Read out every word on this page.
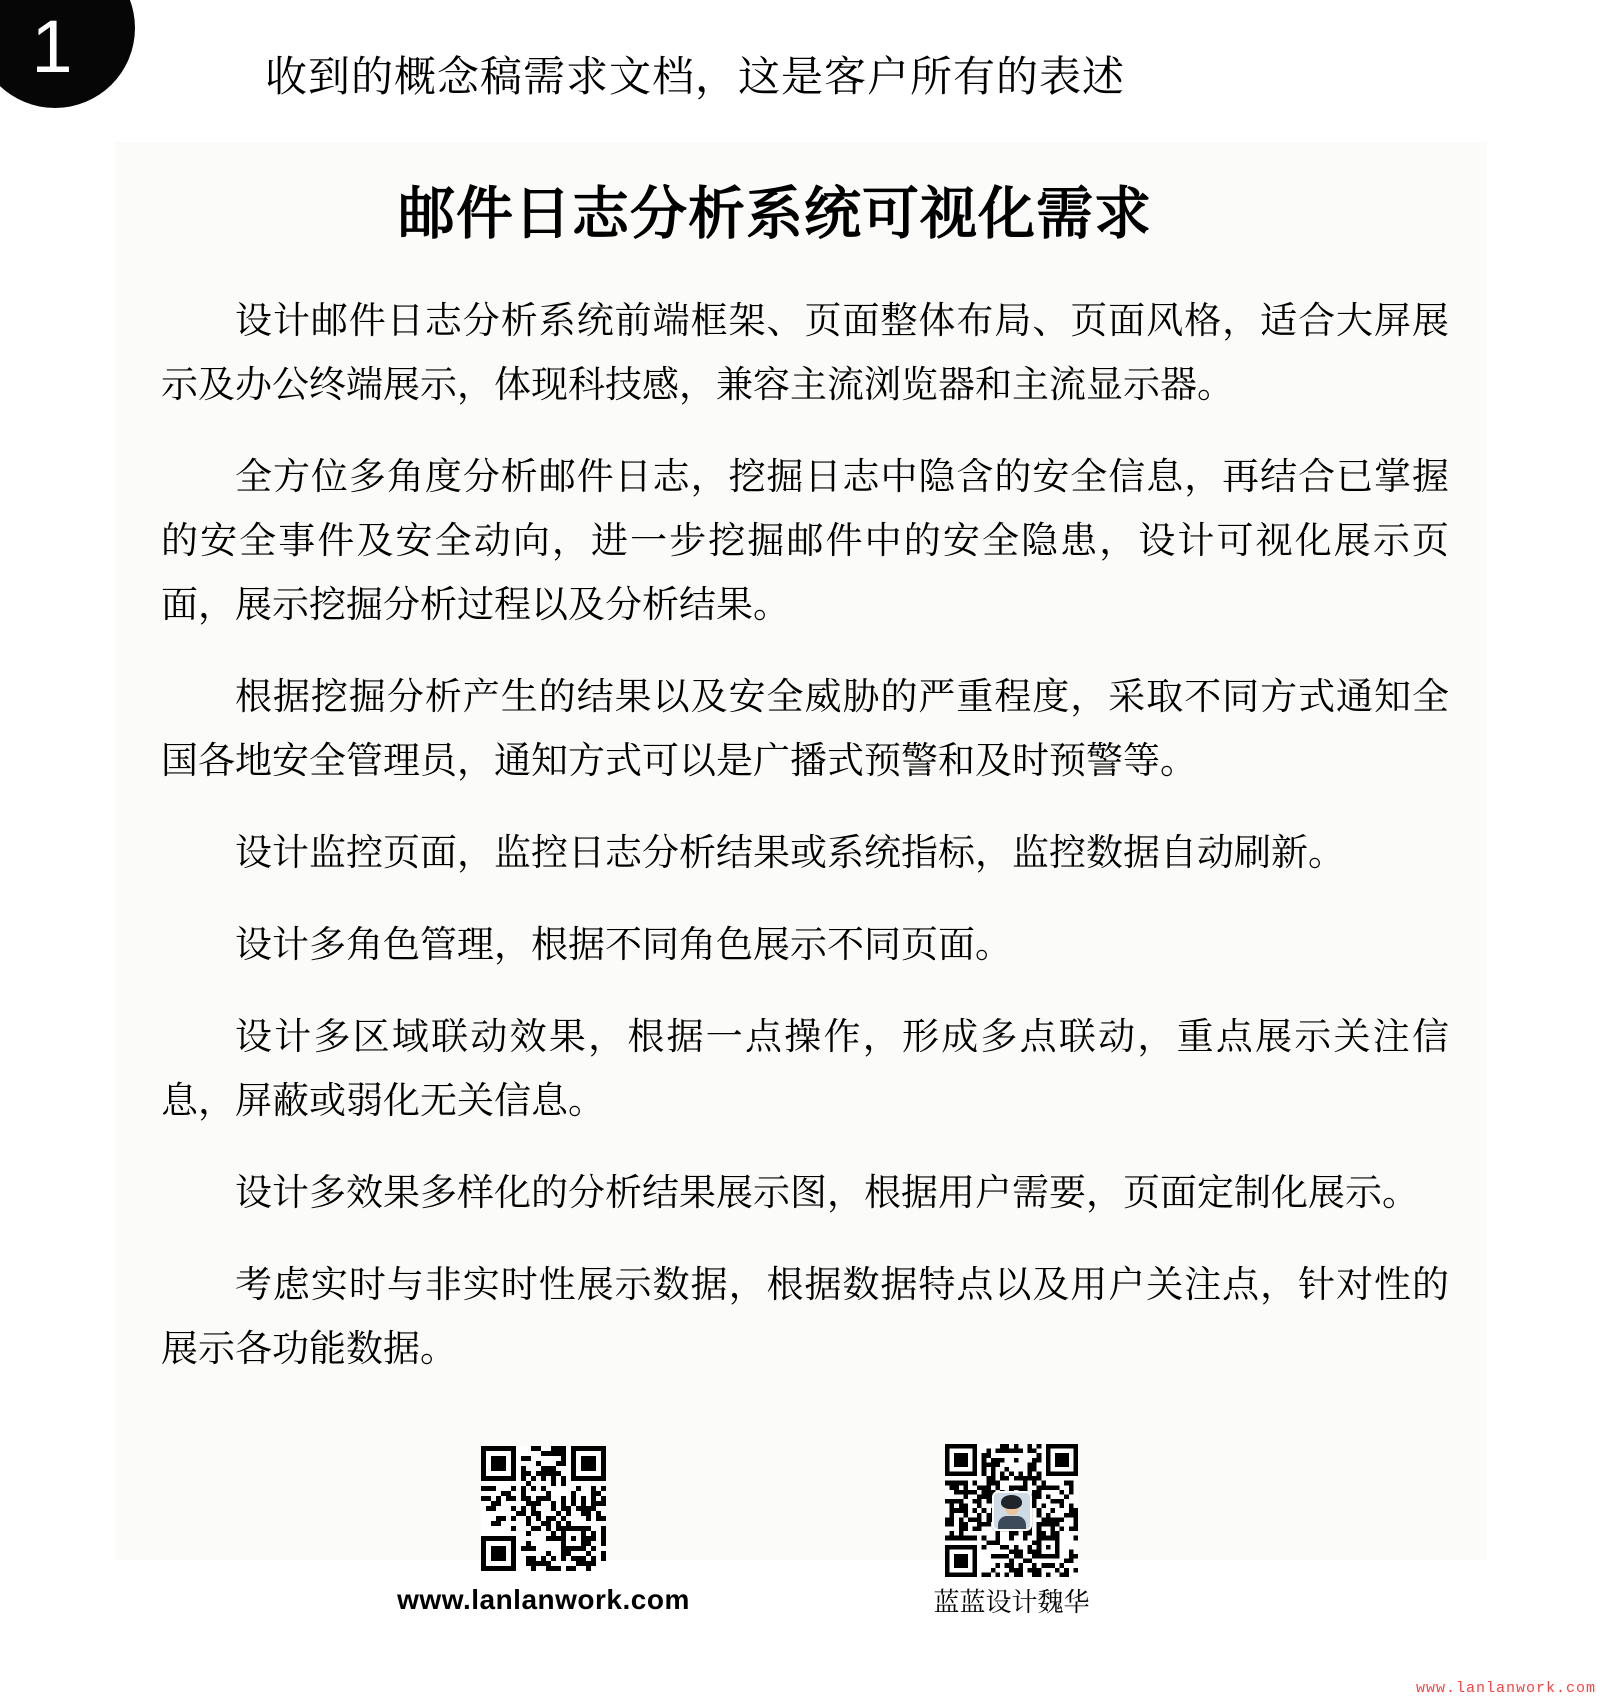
1	收到的概念稿需求文档，这是客户所有的表述
邮件日志分析系统可视化需求

设计邮件日志分析系统前端框架、页面整体布局、页面风格，适合大屏展示及办公终端展示，体现科技感，兼容主流浏览器和主流显示器。

全方位多角度分析邮件日志，挖掘日志中隐含的安全信息，再结合已掌握的安全事件及安全动向，进一步挖掘邮件中的安全隐患，设计可视化展示页面，展示挖掘分析过程以及分析结果。

根据挖掘分析产生的结果以及安全威胁的严重程度，采取不同方式通知全国各地安全管理员，通知方式可以是广播式预警和及时预警等。

设计监控页面，监控日志分析结果或系统指标，监控数据自动刷新。

设计多角色管理，根据不同角色展示不同页面。

设计多区域联动效果，根据一点操作，形成多点联动，重点展示关注信息，屏蔽或弱化无关信息。

设计多效果多样化的分析结果展示图，根据用户需要，页面定制化展示。

考虑实时与非实时性展示数据，根据数据特点以及用户关注点，针对性的展示各功能数据。

www.lanlanwork.com	蓝蓝设计魏华
www.lanlanwork.com
